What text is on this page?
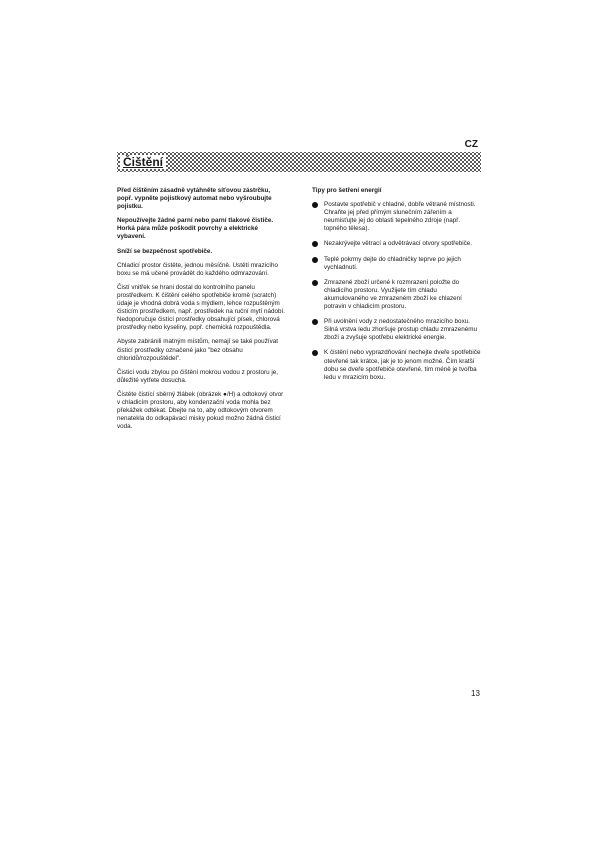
CZ
Čištění

Před čištěním zásadně vytáhněte síťovou zástrčku, popř. vypněte pojistkový automat nebo vyšroubujte pojistku.

Nepoužívejte žádné parní nebo parní tlakové čističe. Horká pára může poškodit povrchy a elektrické vybavení.

Sníží se bezpečnost spotřebiče.

Chladicí prostor čistěte, jednou měsíčně. Ustětí mrazicího boxu se má učené provádět do každého odmrazování.

Čistí vnitřek se hrani dostal do kontrolního panelu prostředkem. K čištění celého spotřebiče kromě (scratch) údaje je vhodná dobrá voda s mýdlem, lehce rozpuštěným čisticím prostředkem, např. prostředek na ruční mytí nádobí. Nedoporučuje čistící prostředky obsahující písek, chlorová prostředky nebo kyseliny, popř. chemická rozpouštědla.

Abyste zabránili matným místům, nemají se také používat čisticí prostředky označené jako "bez obsahu chloridů/rozpouštědel".

Čisticí vodu zbylou po čištění mokrou vodou z prostoru je, důležité vytřete dosucha.

Čistěte čistící sběrný žlábek (obrázek ●/H) a odtokový otvor v chladicím prostoru, aby kondenzační voda mohla bez překážek odtékat. Dbejte na to, aby odtokovým otvorem nenatekla do odkapávací misky pokud možno žádná čisticí voda.

Tipy pro šetření energií
Postavte spotřebič v chladné, dobře větrané místnosti. Chraňte jej před přímým slunečním zářením a neumisťujte jej do oblasti tepelného zdroje (např. topného tělesa).
Nezakrývejte větrací a odvětrávací otvory spotřebiče.
Teplé pokrmy dejte do chladničky teprve po jejich vychladnutí.
Zmrazené zboží určené k rozmrazení položte do chladicího prostoru. Využijete tím chladu akumulovaného ve zmrazeném zboží ke chlazení potravin v chladicím prostoru.
Při uvolnění vody z nedostatečného mrazicího boxu. Silná vrstva ledu zhoršuje prostup chladu zmrazenému zboží a zvyšuje spotřebu elektrické energie.
K čistění nebo vyprazdňování nechejte dveře spotřebiče otevřené tak krátce, jak je to jenom možné. Čím kratší dobu se dveře spotřebiče otevřené, tím méně je tvořba ledu v mrazicím boxu.
13
